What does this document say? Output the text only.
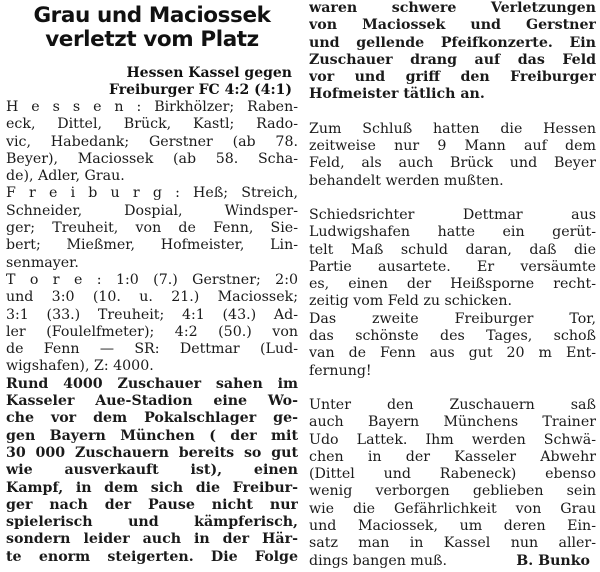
Grau und Maciossek
verletzt vom Platz
Hessen Kassel gegen
Freiburger FC 4:2 (4:1)
H e s s e n : Birkhölzer; Raben-
eck, Dittel, Brück, Kastl; Rado-
vic, Habedank; Gerstner (ab 78.
Beyer), Maciossek (ab 58. Scha-
de), Adler, Grau.
F r e i b u r g : Heß; Streich,
Schneider, Dospial, Windsper-
ger; Treuheit, von de Fenn, Sie-
bert; Mießmer, Hofmeister, Lin-
senmayer.
T o r e : 1:0 (7.) Gerstner; 2:0
und 3:0 (10. u. 21.) Maciossek;
3:1 (33.) Treuheit; 4:1 (43.) Ad-
ler (Foulelfmeter); 4:2 (50.) von
de Fenn — SR: Dettmar (Lud-
wigshafen), Z: 4000.
Rund 4000 Zuschauer sahen im
Kasseler Aue-Stadion eine Wo-
che vor dem Pokalschlager ge-
gen Bayern München ( der mit
30 000 Zuschauern bereits so gut
wie ausverkauft ist), einen
Kampf, in dem sich die Freibur-
ger nach der Pause nicht nur
spielerisch und kämpferisch,
sondern leider auch in der Här-
te enorm steigerten. Die Folge
waren schwere Verletzungen
von Maciossek und Gerstner
und gellende Pfeifkonzerte. Ein
Zuschauer drang auf das Feld
vor und griff den Freiburger
Hofmeister tätlich an.
Zum Schluß hatten die Hessen
zeitweise nur 9 Mann auf dem
Feld, als auch Brück und Beyer
behandelt werden mußten.
Schiedsrichter Dettmar aus
Ludwigshafen hatte ein gerüt-
telt Maß schuld daran, daß die
Partie ausartete. Er versäumte
es, einen der Heißsporne recht-
zeitig vom Feld zu schicken.
Das zweite Freiburger Tor,
das schönste des Tages, schoß
van de Fenn aus gut 20 m Ent-
fernung!
Unter den Zuschauern saß
auch Bayern Münchens Trainer
Udo Lattek. Ihm werden Schwä-
chen in der Kasseler Abwehr
(Dittel und Rabeneck) ebenso
wenig verborgen geblieben sein
wie die Gefährlichkeit von Grau
und Maciossek, um deren Ein-
satz man in Kassel nun aller-
dings bangen muß.	B. Bunko
